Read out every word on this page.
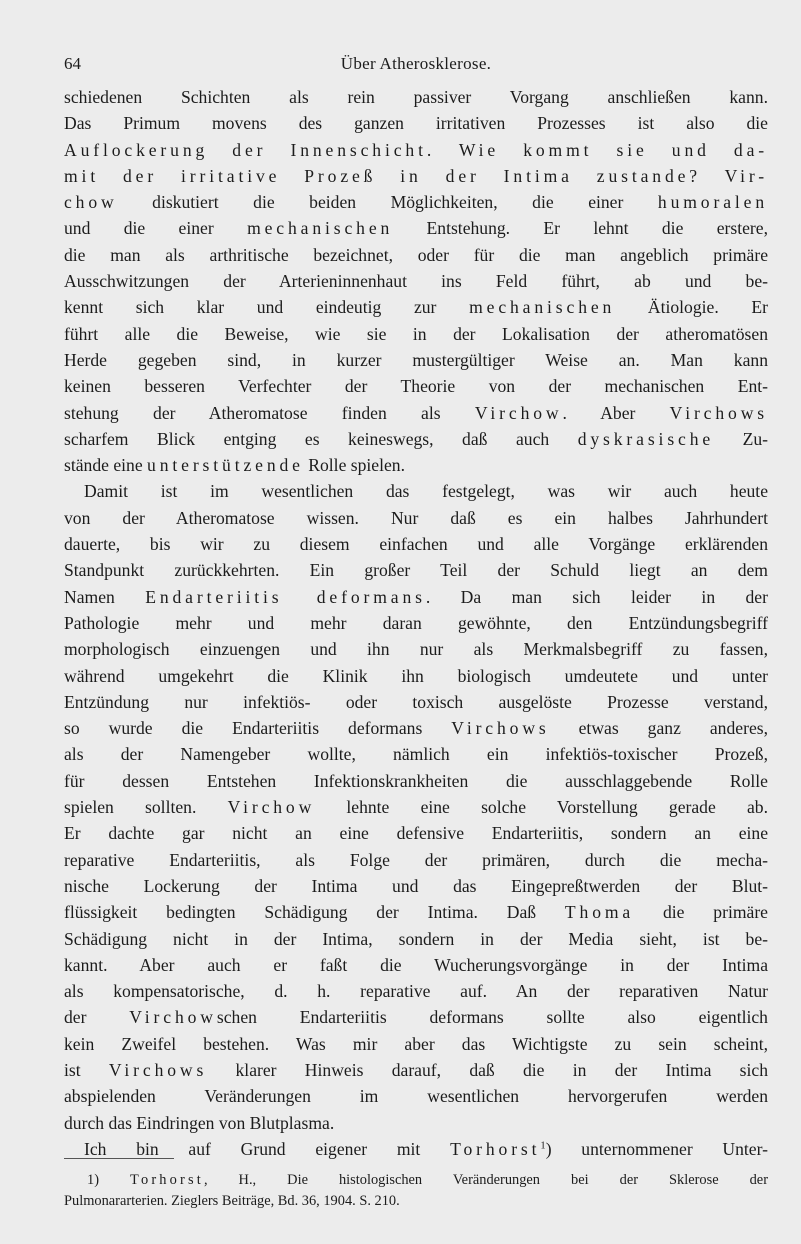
64	Über Atherosklerose.
schiedenen Schichten als rein passiver Vorgang anschließen kann.
Das Primum movens des ganzen irritativen Prozesses ist also die
Auflockerung der Innenschicht. Wie kommt sie und da-
mit der irritative Prozeß in der Intima zustande? Vir-
chow diskutiert die beiden Möglichkeiten, die einer humoralen
und die einer mechanischen Entstehung. Er lehnt die erstere,
die man als arthritische bezeichnet, oder für die man angeblich primäre
Ausschwitzungen der Arterieninnenhaut ins Feld führt, ab und be-
kennt sich klar und eindeutig zur mechanischen Ätiologie. Er
führt alle die Beweise, wie sie in der Lokalisation der atheromatösen
Herde gegeben sind, in kurzer mustergültiger Weise an. Man kann
keinen besseren Verfechter der Theorie von der mechanischen Ent-
stehung der Atheromatose finden als Virchow. Aber Virchows
scharfem Blick entging es keineswegs, daß auch dyskrasische Zu-
stände eine unterstützende Rolle spielen.
Damit ist im wesentlichen das festgelegt, was wir auch heute
von der Atheromatose wissen. Nur daß es ein halbes Jahrhundert
dauerte, bis wir zu diesem einfachen und alle Vorgänge erklärenden
Standpunkt zurückkehrten. Ein großer Teil der Schuld liegt an dem
Namen Endarteriitis deformans. Da man sich leider in der
Pathologie mehr und mehr daran gewöhnte, den Entzündungsbegriff
morphologisch einzuengen und ihn nur als Merkmalsbegriff zu fassen,
während umgekehrt die Klinik ihn biologisch umdeutete und unter
Entzündung nur infektiös- oder toxisch ausgelöste Prozesse verstand,
so wurde die Endarteriitis deformans Virchows etwas ganz anderes,
als der Namengeber wollte, nämlich ein infektiös-toxischer Prozeß,
für dessen Entstehen Infektionskrankheiten die ausschlaggebende Rolle
spielen sollten. Virchow lehnte eine solche Vorstellung gerade ab.
Er dachte gar nicht an eine defensive Endarteriitis, sondern an eine
reparative Endarteriitis, als Folge der primären, durch die mecha-
nische Lockerung der Intima und das Eingepreßtwerden der Blut-
flüssigkeit bedingten Schädigung der Intima. Daß Thoma die primäre
Schädigung nicht in der Intima, sondern in der Media sieht, ist be-
kannt. Aber auch er faßt die Wucherungsvorgänge in der Intima
als kompensatorische, d. h. reparative auf. An der reparativen Natur
der Virchowschen Endarteriitis deformans sollte also eigentlich
kein Zweifel bestehen. Was mir aber das Wichtigste zu sein scheint,
ist Virchows klarer Hinweis darauf, daß die in der Intima sich
abspielenden Veränderungen im wesentlichen hervorgerufen werden
durch das Eindringen von Blutplasma.
Ich bin auf Grund eigener mit Torhorst$^1$) unternommener Unter-
1) Torhorst, H., Die histologischen Veränderungen bei der Sklerose der
Pulmonararterien. Zieglers Beiträge, Bd. 36, 1904. S. 210.
